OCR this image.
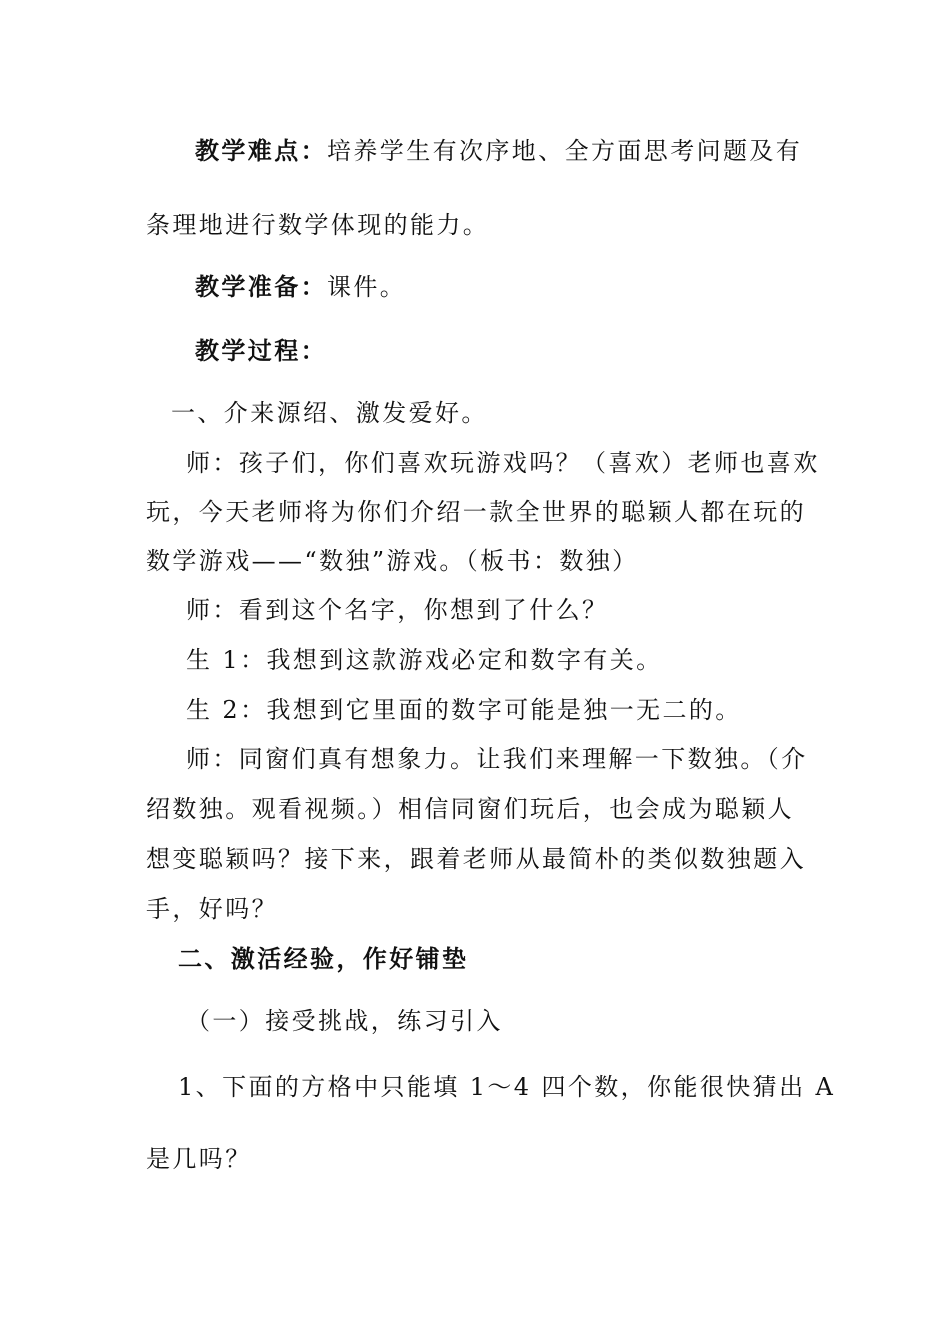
教学难点：培养学生有次序地、全方面思考问题及有
条理地进行数学体现的能力。
教学准备：课件。
教学过程：
一、介来源绍、激发爱好。
师：孩子们，你们喜欢玩游戏吗？（喜欢）老师也喜欢
玩，今天老师将为你们介绍一款全世界的聪颖人都在玩的
数学游戏——“数独”游戏。（板书：数独）
师：看到这个名字，你想到了什么？
生 1：我想到这款游戏必定和数字有关。
生 2：我想到它里面的数字可能是独一无二的。
师：同窗们真有想象力。让我们来理解一下数独。（介
绍数独。观看视频。）相信同窗们玩后，也会成为聪颖人
想变聪颖吗？接下来，跟着老师从最简朴的类似数独题入
手，好吗？
二、激活经验，作好铺垫
（一）接受挑战，练习引入
1、下面的方格中只能填 1～4 四个数，你能很快猜出 A
是几吗？
